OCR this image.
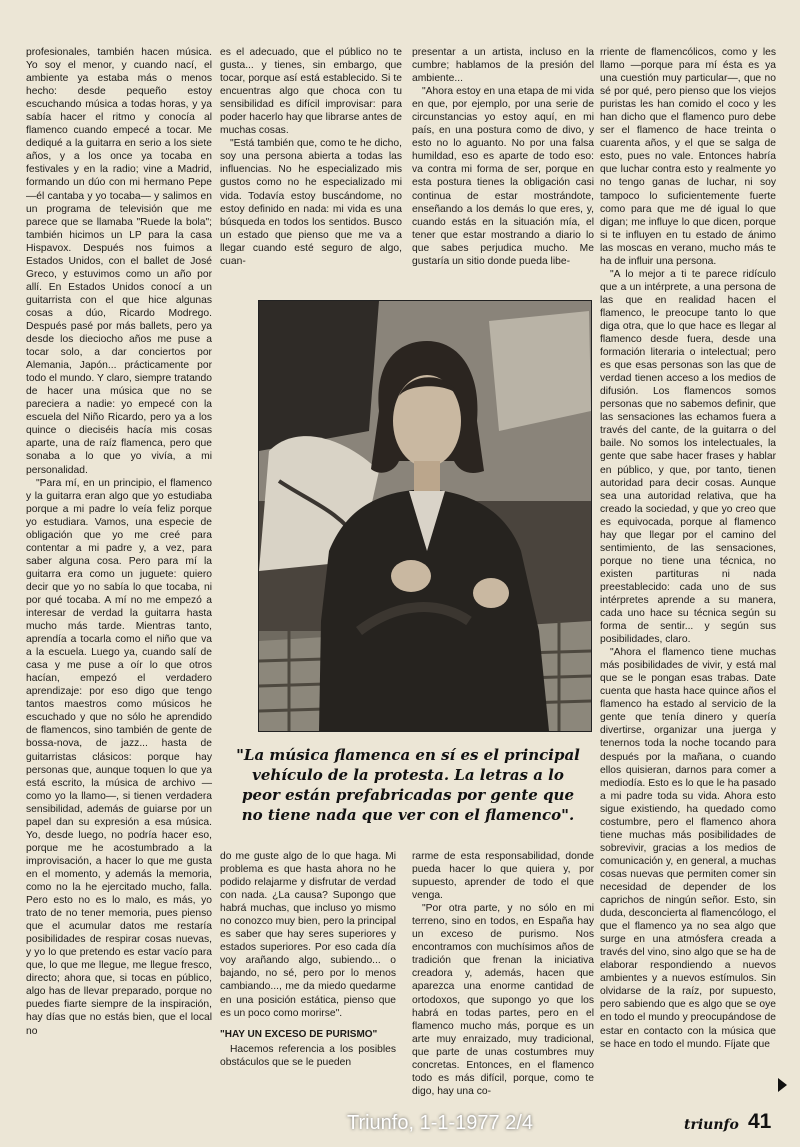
profesionales, también hacen música. Yo soy el menor, y cuando nací, el ambiente ya estaba más o menos hecho: desde pequeño estoy escuchando música a todas horas, y ya sabía hacer el ritmo y conocía al flamenco cuando empecé a tocar. Me dediqué a la guitarra en serio a los siete años, y a los once ya tocaba en festivales y en la radio; vine a Madrid, formando un dúo con mi hermano Pepe —él cantaba y yo tocaba— y salimos en un programa de televisión que me parece que se llamaba "Ruede la bola"; también hicimos un LP para la casa Hispavox. Después nos fuimos a Estados Unidos, con el ballet de José Greco, y estuvimos como un año por allí. En Estados Unidos conocí a un guitarrista con el que hice algunas cosas a dúo, Ricardo Modrego. Después pasé por más ballets, pero ya desde los dieciocho años me puse a tocar solo, a dar conciertos por Alemania, Japón... prácticamente por todo el mundo. Y claro, siempre tratando de hacer una música que no se pareciera a nadie: yo empecé con la escuela del Niño Ricardo, pero ya a los quince o dieciséis hacía mis cosas aparte, una de raíz flamenca, pero que sonaba a lo que yo vivía, a mi personalidad.

"Para mí, en un principio, el flamenco y la guitarra eran algo que yo estudiaba porque a mi padre lo veía feliz porque yo estudiara. Vamos, una especie de obligación que yo me creé para contentar a mi padre y, a vez, para saber alguna cosa. Pero para mí la guitarra era como un juguete: quiero decir que yo no sabía lo que tocaba, ni por qué tocaba. A mí no me empezó a interesar de verdad la guitarra hasta mucho más tarde. Mientras tanto, aprendía a tocarla como el niño que va a la escuela. Luego ya, cuando salí de casa y me puse a oír lo que otros hacían, empezó el verdadero aprendizaje: por eso digo que tengo tantos maestros como músicos he escuchado y que no sólo he aprendido de flamencos, sino también de gente de bossa-nova, de jazz... hasta de guitarristas clásicos: porque hay personas que, aunque toquen lo que ya está escrito, la música de archivo —como yo la llamo—, si tienen verdadera sensibilidad, además de guiarse por un papel dan su expresión a esa música. Yo, desde luego, no podría hacer eso, porque me he acostumbrado a la improvisación, a hacer lo que me gusta en el momento, y además la memoria, como no la he ejercitado mucho, falla. Pero esto no es lo malo, es más, yo trato de no tener memoria, pues pienso que el acumular datos me restaría posibilidades de respirar cosas nuevas, y yo lo que pretendo es estar vacío para que, lo que me llegue, me llegue fresco, directo; ahora que, si tocas en público, algo has de llevar preparado, porque no puedes fiarte siempre de la inspiración, hay días que no estás bien, que el local no

es el adecuado, que el público no te gusta... y tienes, sin embargo, que tocar, porque así está establecido. Si te encuentras algo que choca con tu sensibilidad es difícil improvisar: para poder hacerlo hay que librarse antes de muchas cosas.

"Está también que, como te he dicho, soy una persona abierta a todas las influencias. No he especializado mis gustos como no he especializado mi vida. Todavía estoy buscándome, no estoy definido en nada: mi vida es una búsqueda en todos los sentidos. Busco un estado que pienso que me va a llegar cuando esté seguro de algo, cuan-

presentar a un artista, incluso en la cumbre; hablamos de la presión del ambiente...

"Ahora estoy en una etapa de mi vida en que, por ejemplo, por una serie de circunstancias yo estoy aquí, en mi país, en una postura como de divo, y esto no lo aguanto. No por una falsa humildad, eso es aparte de todo eso: va contra mi forma de ser, porque en esta postura tienes la obligación casi continua de estar mostrándote, enseñando a los demás lo que eres, y, cuando estás en la situación mía, el tener que estar mostrando a diario lo que sabes perjudica mucho. Me gustaría un sitio donde pueda libe-

rriente de flamencólicos, como y les llamo —porque para mí ésta es ya una cuestión muy particular—, que no sé por qué, pero pienso que los viejos puristas les han comido el coco y les han dicho que el flamenco puro debe ser el flamenco de hace treinta o cuarenta años, y el que se salga de esto, pues no vale. Entonces habría que luchar contra esto y realmente yo no tengo ganas de luchar, ni soy tampoco lo suficientemente fuerte como para que me dé igual lo que digan; me influye lo que dicen, porque si te influyen en tu estado de ánimo las moscas en verano, mucho más te ha de influir una persona.

"A lo mejor a ti te parece ridículo que a un intérprete, a una persona de las que en realidad hacen el flamenco, le preocupe tanto lo que diga otra, que lo que hace es llegar al flamenco desde fuera, desde una formación literaria o intelectual; pero es que esas personas son las que de verdad tienen acceso a los medios de difusión. Los flamencos somos personas que no sabemos definir, que las sensaciones las echamos fuera a través del cante, de la guitarra o del baile. No somos los intelectuales, la gente que sabe hacer frases y hablar en público, y que, por tanto, tienen autoridad para decir cosas. Aunque sea una autoridad relativa, que ha creado la sociedad, y que yo creo que es equivocada, porque al flamenco hay que llegar por el camino del sentimiento, de las sensaciones, porque no tiene una técnica, no existen partituras ni nada preestablecido: cada uno de sus intérpretes aprende a su manera, cada uno hace su técnica según su forma de sentir... y según sus posibilidades, claro.

"Ahora el flamenco tiene muchas más posibilidades de vivir, y está mal que se le pongan esas trabas. Date cuenta que hasta hace quince años el flamenco ha estado al servicio de la gente que tenía dinero y quería divertirse, organizar una juerga y tenernos toda la noche tocando para después por la mañana, o cuando ellos quisieran, darnos para comer a mediodía. Esto es lo que le ha pasado a mi padre toda su vida. Ahora esto sigue existiendo, ha quedado como costumbre, pero el flamenco ahora tiene muchas más posibilidades de sobrevivir, gracias a los medios de comunicación y, en general, a muchas cosas nuevas que permiten comer sin necesidad de depender de los caprichos de ningún señor. Esto, sin duda, desconcierta al flamencólogo, el que el flamenco ya no sea algo que surge en una atmósfera creada a través del vino, sino algo que se ha de elaborar respondiendo a nuevos ambientes y a nuevos estímulos. Sin olvidarse de la raíz, por supuesto, pero sabiendo que es algo que se oye en todo el mundo y preocupándose de estar en contacto con la música que se hace en todo el mundo. Fíjate que

"La música flamenca en sí es el principal vehículo de la protesta. La letras a lo peor están prefabricadas por gente que no tiene nada que ver con el flamenco".

do me guste algo de lo que haga. Mi problema es que hasta ahora no he podido relajarme y disfrutar de verdad con nada. ¿La causa? Supongo que habrá muchas, que incluso yo mismo no conozco muy bien, pero la principal es saber que hay seres superiores y estados superiores. Por eso cada día voy arañando algo, subiendo... o bajando, no sé, pero por lo menos cambiando..., me da miedo quedarme en una posición estática, pienso que es un poco como morirse".

"HAY UN EXCESO DE PURISMO"

Hacemos referencia a los posibles obstáculos que se le pueden

rarme de esta responsabilidad, donde pueda hacer lo que quiera y, por supuesto, aprender de todo el que venga.

"Por otra parte, y no sólo en mi terreno, sino en todos, en España hay un exceso de purismo. Nos encontramos con muchísimos años de tradición que frenan la iniciativa creadora y, además, hacen que aparezca una enorme cantidad de ortodoxos, que supongo yo que los habrá en todas partes, pero en el flamenco mucho más, porque es un arte muy enraizado, muy tradicional, que parte de unas costumbres muy concretas. Entonces, en el flamenco todo es más difícil, porque, como te digo, hay una co-

Triunfo, 1-1-1977 2/4	triunfo 41
